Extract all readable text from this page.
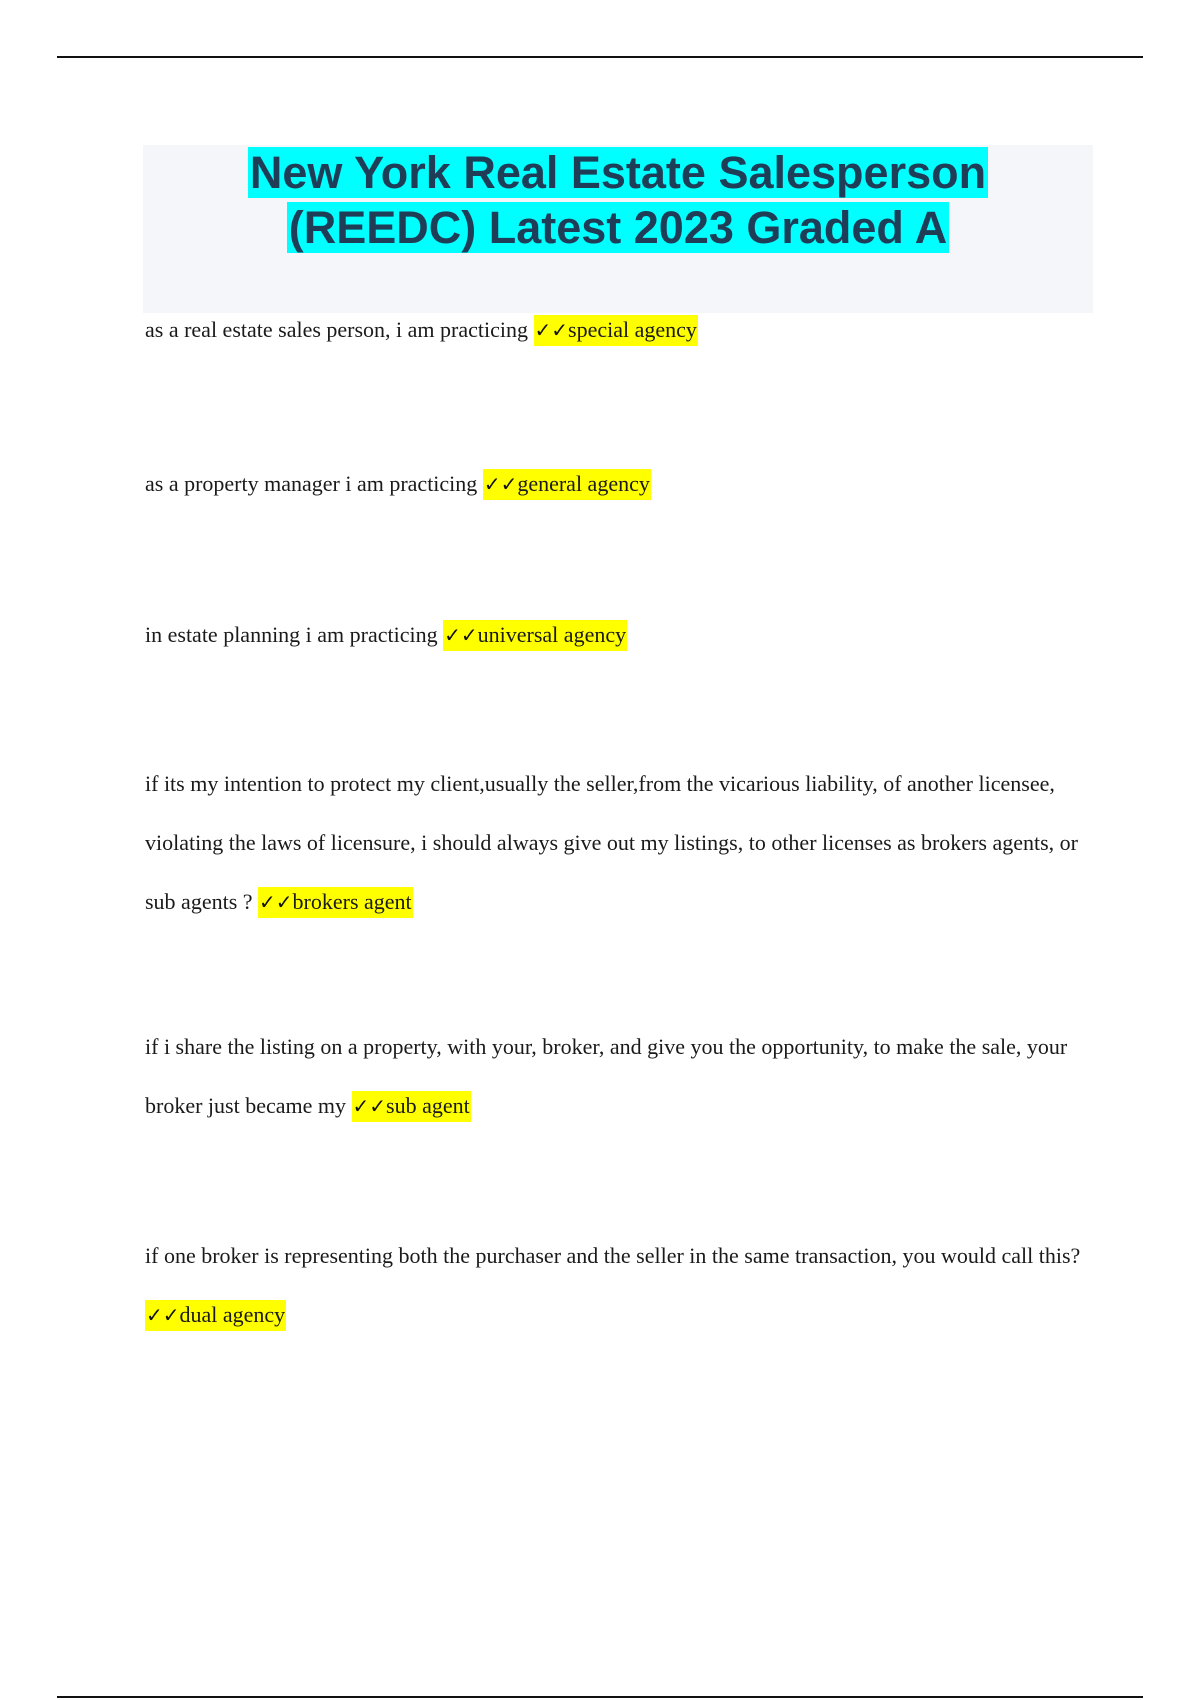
New York Real Estate Salesperson
(REEDC) Latest 2023 Graded A

as a real estate sales person, i am practicing ✓✓special agency

as a property manager i am practicing ✓✓general agency

in estate planning i am practicing ✓✓universal agency

if its my intention to protect my client,usually the seller,from the vicarious liability, of another licensee, violating the laws of licensure, i should always give out my listings, to other licenses as brokers agents, or sub agents ? ✓✓brokers agent

if i share the listing on a property, with your, broker, and give you the opportunity, to make the sale, your broker just became my ✓✓sub agent

if one broker is representing both the purchaser and the seller in the same transaction, you would call this? ✓✓dual agency
